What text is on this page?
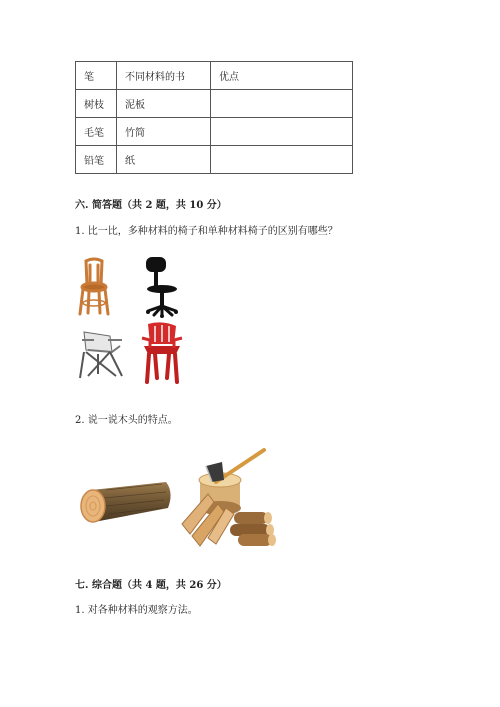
笔	不同材料的书	优点
树枝	泥板	
毛笔	竹简	
铅笔	纸	
六. 简答题（共 2 题，共 10 分）
1. 比一比，多种材料的椅子和单种材料椅子的区别有哪些？
2. 说一说木头的特点。
七. 综合题（共 4 题，共 26 分）
1. 对各种材料的观察方法。
